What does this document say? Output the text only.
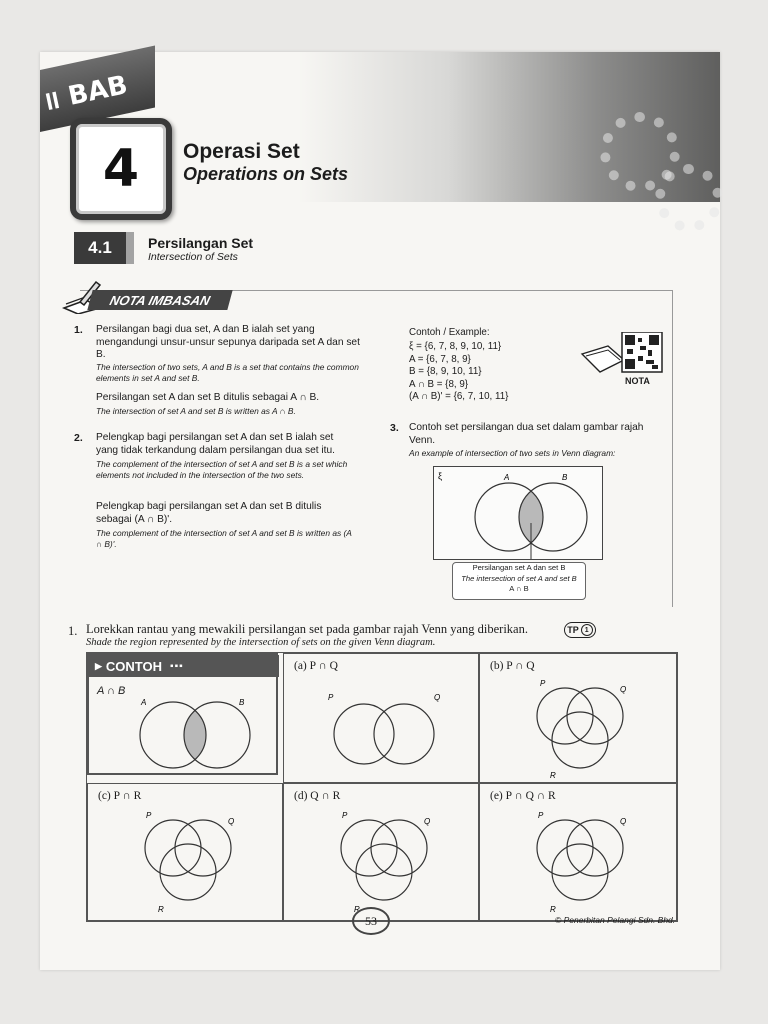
II BAB
4	Operasi Set
Operations on Sets
4.1	Persilangan Set
Intersection of Sets
NOTA IMBASAN
1. Persilangan bagi dua set, A dan B ialah set yang mengandungi unsur-unsur sepunya daripada set A dan set B.
The intersection of two sets, A and B is a set that contains the common elements in set A and set B.
Persilangan set A dan set B ditulis sebagai A ∩ B.
The intersection of set A and set B is written as A ∩ B.
2. Pelengkap bagi persilangan set A dan set B ialah set yang tidak terkandung dalam persilangan dua set itu.
The complement of the intersection of set A and set B is a set which elements not included in the intersection of the two sets.
Pelengkap bagi persilangan set A dan set B ditulis sebagai (A ∩ B)'.
The complement of the intersection of set A and set B is written as (A ∩ B)'.
Contoh / Example:
ξ = {6, 7, 8, 9, 10, 11}
A = {6, 7, 8, 9}
B = {8, 9, 10, 11}
A ∩ B = {8, 9}
(A ∩ B)' = {6, 7, 10, 11}
NOTA
3. Contoh set persilangan dua set dalam gambar rajah Venn.
An example of intersection of two sets in Venn diagram:
ξ	A	B
Persilangan set A dan set B
The intersection of set A and set B
A ∩ B
1. Lorekkan rantau yang mewakili persilangan set pada gambar rajah Venn yang diberikan.
Shade the region represented by the intersection of sets on the given Venn diagram.
TP 1
▶ CONTOH ▪▪▪
A ∩ B
A	B
(a) P ∩ Q
P	Q
(b) P ∩ Q
P
Q
R
(c) P ∩ R
P
Q
R
(d) Q ∩ R
P
Q
R
(e) P ∩ Q ∩ R
P
Q
R
53	© Penerbitan Pelangi Sdn. Bhd.
